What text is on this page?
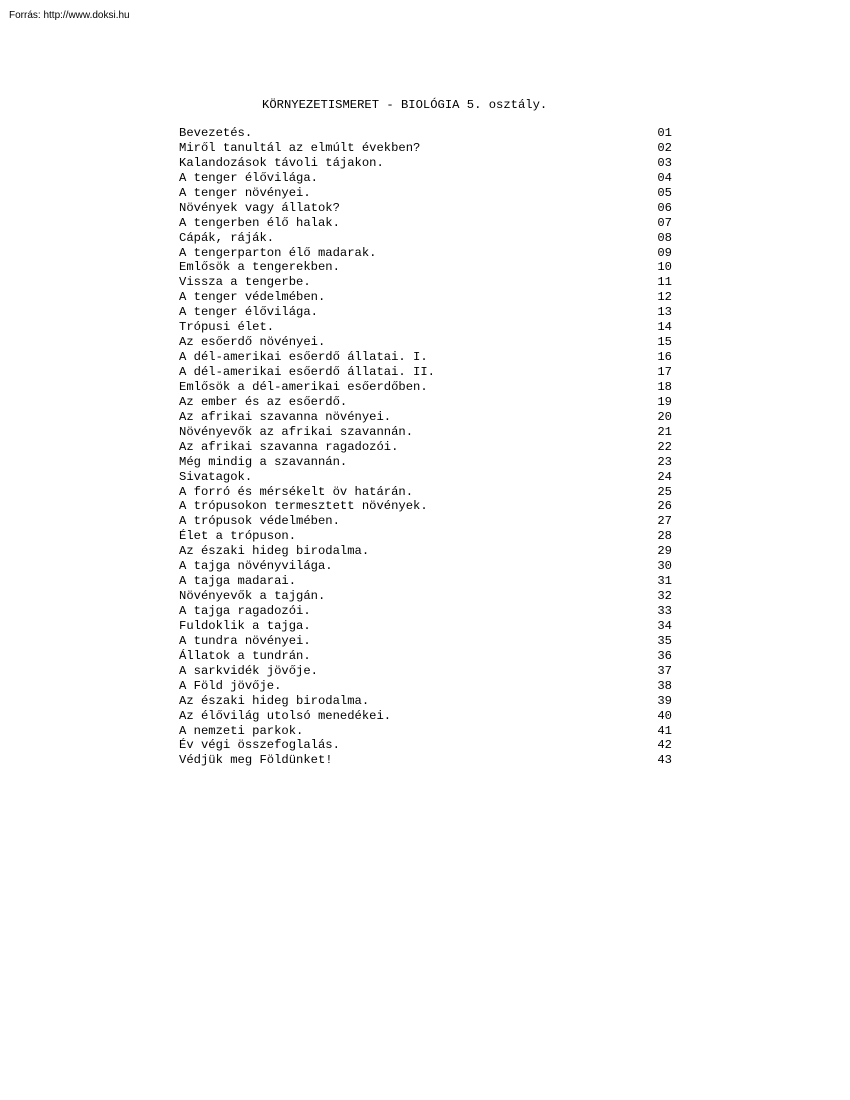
Forrás: http://www.doksi.hu
KÖRNYEZETISMERET - BIOLÓGIA 5. osztály.
Bevezetés.	01
Miről tanultál az elmúlt években?	02
Kalandozások távoli tájakon.	03
A tenger élővilága.	04
A tenger növényei.	05
Növények vagy állatok?	06
A tengerben élő halak.	07
Cápák, ráják.	08
A tengerparton élő madarak.	09
Emlősök a tengerekben.	10
Vissza a tengerbe.	11
A tenger védelmében.	12
A tenger élővilága.	13
Trópusi élet.	14
Az esőerdő növényei.	15
A dél-amerikai esőerdő állatai. I.	16
A dél-amerikai esőerdő állatai. II.	17
Emlősök a dél-amerikai esőerdőben.	18
Az ember és az esőerdő.	19
Az afrikai szavanna növényei.	20
Növényevők az afrikai szavannán.	21
Az afrikai szavanna ragadozói.	22
Még mindig a szavannán.	23
Sivatagok.	24
A forró és mérsékelt öv határán.	25
A trópusokon termesztett növények.	26
A trópusok védelmében.	27
Élet a trópuson.	28
Az északi hideg birodalma.	29
A tajga növényvilága.	30
A tajga madarai.	31
Növényevők a tajgán.	32
A tajga ragadozói.	33
Fuldoklik a tajga.	34
A tundra növényei.	35
Állatok a tundrán.	36
A sarkvidék jövője.	37
A Föld jövője.	38
Az északi hideg birodalma.	39
Az élővilág utolsó menedékei.	40
A nemzeti parkok.	41
Év végi összefoglalás.	42
Védjük meg Földünket!	43
